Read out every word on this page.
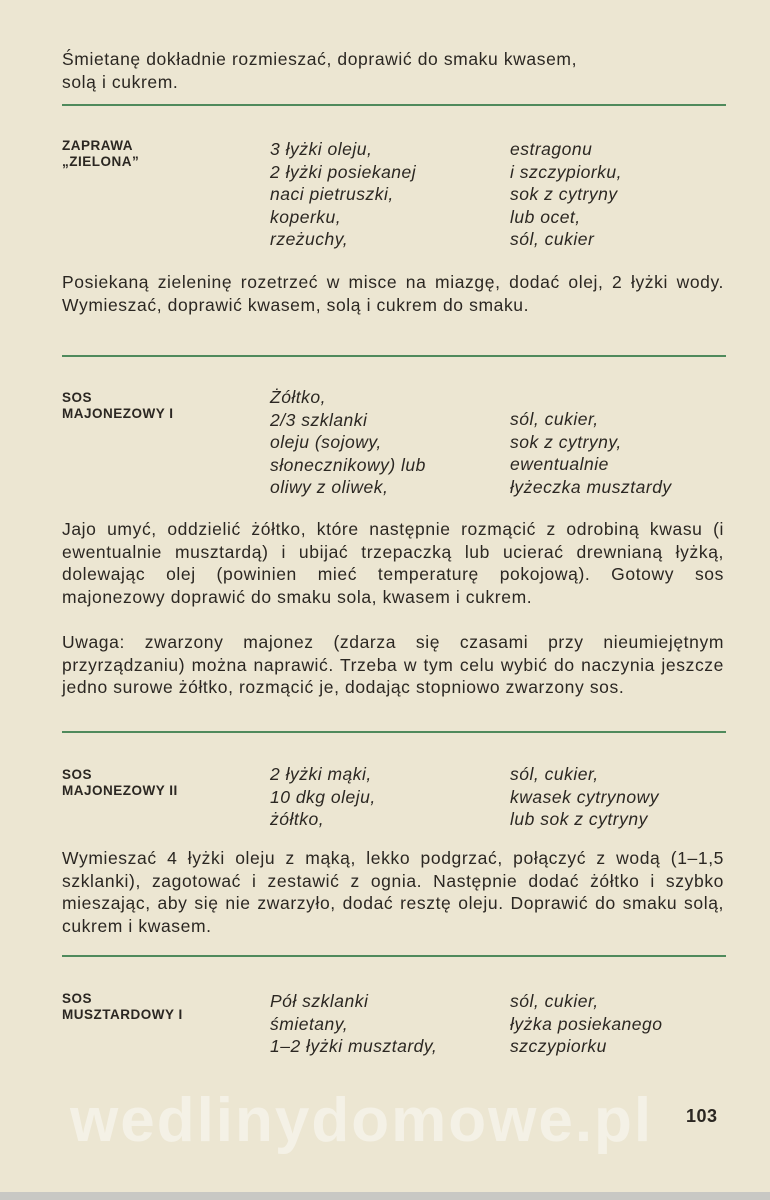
Śmietanę dokładnie rozmieszać, doprawić do smaku kwasem,
solą i cukrem.
ZAPRAWA
„ZIELONA”
3 łyżki oleju,
2 łyżki posiekanej
naci pietruszki,
koperku,
rzeżuchy,
estragonu
i szczypiorku,
sok z cytryny
lub ocet,
sól, cukier
Posiekaną zieleninę rozetrzeć w misce na miazgę, dodać olej, 2 łyżki wody. Wymieszać, doprawić kwasem, solą i cukrem do smaku.
SOS
MAJONEZOWY I
Żółtko,
2/3 szklanki
oleju (sojowy,
słonecznikowy) lub
oliwy z oliwek,
sól, cukier,
sok z cytryny,
ewentualnie
łyżeczka musztardy
Jajo umyć, oddzielić żółtko, które następnie rozmącić z odrobiną kwasu (i ewentualnie musztardą) i ubijać trzepaczką lub ucierać drewnianą łyżką, dolewając olej (powinien mieć temperaturę pokojową). Gotowy sos majonezowy doprawić do smaku sola, kwasem i cukrem.
Uwaga: zwarzony majonez (zdarza się czasami przy nieumiejętnym przyrządzaniu) można naprawić. Trzeba w tym celu wybić do naczynia jeszcze jedno surowe żółtko, rozmącić je, dodając stopniowo zwarzony sos.
SOS
MAJONEZOWY II
2 łyżki mąki,
10 dkg oleju,
żółtko,
sól, cukier,
kwasek cytrynowy
lub sok z cytryny
Wymieszać 4 łyżki oleju z mąką, lekko podgrzać, połączyć z wodą (1–1,5 szklanki), zagotować i zestawić z ognia. Następnie dodać żółtko i szybko mieszając, aby się nie zwarzyło, dodać resztę oleju. Doprawić do smaku solą, cukrem i kwasem.
SOS
MUSZTARDOWY I
Pół szklanki
śmietany,
1–2 łyżki musztardy,
sól, cukier,
łyżka posiekanego
szczypiorku
wedlinydomowe.pl 103
